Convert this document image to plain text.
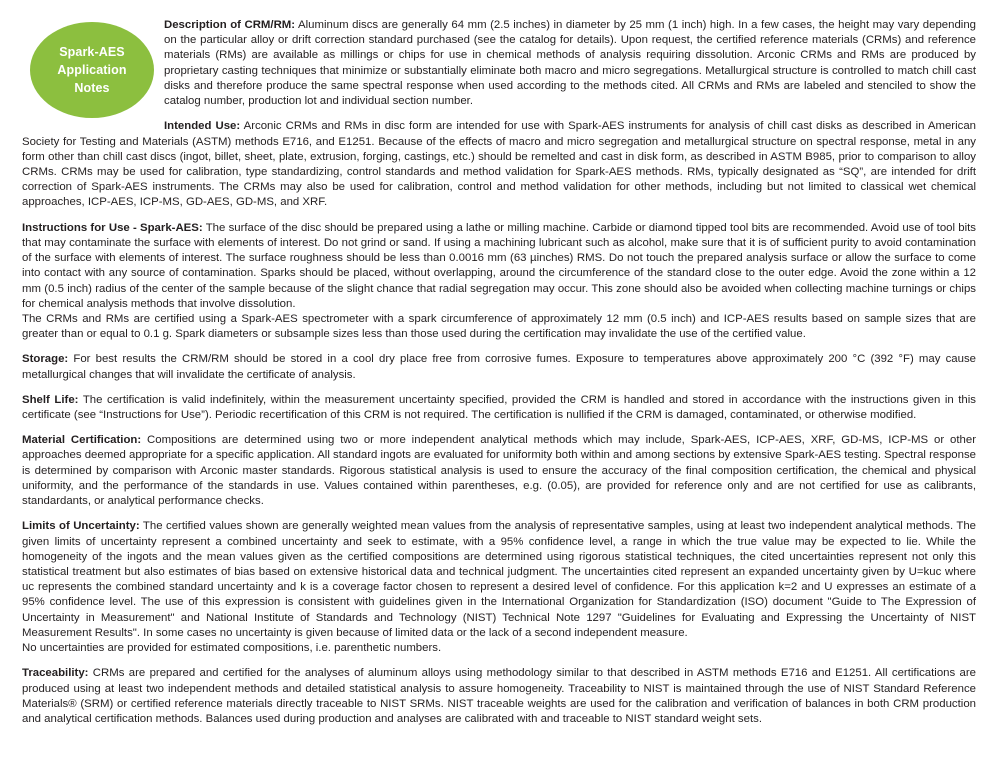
Spark-AES
Application
Notes

Description of CRM/RM: Aluminum discs are generally 64 mm (2.5 inches) in diameter by 25 mm (1 inch) high. In a few cases, the height may vary depending on the particular alloy or drift correction standard purchased (see the catalog for details). Upon request, the certified reference materials (CRMs) and reference materials (RMs) are available as millings or chips for use in chemical methods of analysis requiring dissolution. Arconic CRMs and RMs are produced by proprietary casting techniques that minimize or substantially eliminate both macro and micro segregations. Metallurgical structure is controlled to match chill cast disks and therefore produce the same spectral response when used according to the methods cited. All CRMs and RMs are labeled and stenciled to show the catalog number, production lot and individual section number.

Intended Use: Arconic CRMs and RMs in disc form are intended for use with Spark-AES instruments for analysis of chill cast disks as described in American Society for Testing and Materials (ASTM) methods E716, and E1251. Because of the effects of macro and micro segregation and metallurgical structure on spectral response, metal in any form other than chill cast discs (ingot, billet, sheet, plate, extrusion, forging, castings, etc.) should be remelted and cast in disk form, as described in ASTM B985, prior to comparison to alloy CRMs. CRMs may be used for calibration, type standardizing, control standards and method validation for Spark-AES methods. RMs, typically designated as “SQ”, are intended for drift correction of Spark-AES instruments. The CRMs may also be used for calibration, control and method validation for other methods, including but not limited to classical wet chemical approaches, ICP-AES, ICP-MS, GD-AES, GD-MS, and XRF.

Instructions for Use - Spark-AES: The surface of the disc should be prepared using a lathe or milling machine. Carbide or diamond tipped tool bits are recommended. Avoid use of tool bits that may contaminate the surface with elements of interest. Do not grind or sand. If using a machining lubricant such as alcohol, make sure that it is of sufficient purity to avoid contamination of the surface with elements of interest. The surface roughness should be less than 0.0016 mm (63 µinches) RMS. Do not touch the prepared analysis surface or allow the surface to come into contact with any source of contamination. Sparks should be placed, without overlapping, around the circumference of the standard close to the outer edge. Avoid the zone within a 12 mm (0.5 inch) radius of the center of the sample because of the slight chance that radial segregation may occur. This zone should also be avoided when collecting machine turnings or chips for chemical analysis methods that involve dissolution.

The CRMs and RMs are certified using a Spark-AES spectrometer with a spark circumference of approximately 12 mm (0.5 inch) and ICP-AES results based on sample sizes that are greater than or equal to 0.1 g. Spark diameters or subsample sizes less than those used during the certification may invalidate the use of the certified value.

Storage: For best results the CRM/RM should be stored in a cool dry place free from corrosive fumes. Exposure to temperatures above approximately 200 °C (392 °F) may cause metallurgical changes that will invalidate the certificate of analysis.

Shelf Life: The certification is valid indefinitely, within the measurement uncertainty specified, provided the CRM is handled and stored in accordance with the instructions given in this certificate (see “Instructions for Use”). Periodic recertification of this CRM is not required. The certification is nullified if the CRM is damaged, contaminated, or otherwise modified.

Material Certification: Compositions are determined using two or more independent analytical methods which may include, Spark-AES, ICP-AES, XRF, GD-MS, ICP-MS or other approaches deemed appropriate for a specific application. All standard ingots are evaluated for uniformity both within and among sections by extensive Spark-AES testing. Spectral response is determined by comparison with Arconic master standards. Rigorous statistical analysis is used to ensure the accuracy of the final composition certification, the chemical and physical uniformity, and the performance of the standards in use. Values contained within parentheses, e.g. (0.05), are provided for reference only and are not certified for use as calibrants, standardants, or analytical performance checks.

Limits of Uncertainty: The certified values shown are generally weighted mean values from the analysis of representative samples, using at least two independent analytical methods. The given limits of uncertainty represent a combined uncertainty and seek to estimate, with a 95% confidence level, a range in which the true value may be expected to lie. While the homogeneity of the ingots and the mean values given as the certified compositions are determined using rigorous statistical techniques, the cited uncertainties represent not only this statistical treatment but also estimates of bias based on extensive historical data and technical judgment. The uncertainties cited represent an expanded uncertainty given by U=kuᴄ where uᴄ represents the combined standard uncertainty and k is a coverage factor chosen to represent a desired level of confidence. For this application k=2 and U expresses an estimate of a 95% confidence level. The use of this expression is consistent with guidelines given in the International Organization for Standardization (ISO) document "Guide to The Expression of Uncertainty in Measurement" and National Institute of Standards and Technology (NIST) Technical Note 1297 "Guidelines for Evaluating and Expressing the Uncertainty of NIST Measurement Results". In some cases no uncertainty is given because of limited data or the lack of a second independent measure.

No uncertainties are provided for estimated compositions, i.e. parenthetic numbers.

Traceability: CRMs are prepared and certified for the analyses of aluminum alloys using methodology similar to that described in ASTM methods E716 and E1251. All certifications are produced using at least two independent methods and detailed statistical analysis to assure homogeneity. Traceability to NIST is maintained through the use of NIST Standard Reference Materials® (SRM) or certified reference materials directly traceable to NIST SRMs. NIST traceable weights are used for the calibration and verification of balances in both CRM production and analytical certification methods. Balances used during production and analyses are calibrated with and traceable to NIST standard weight sets.
